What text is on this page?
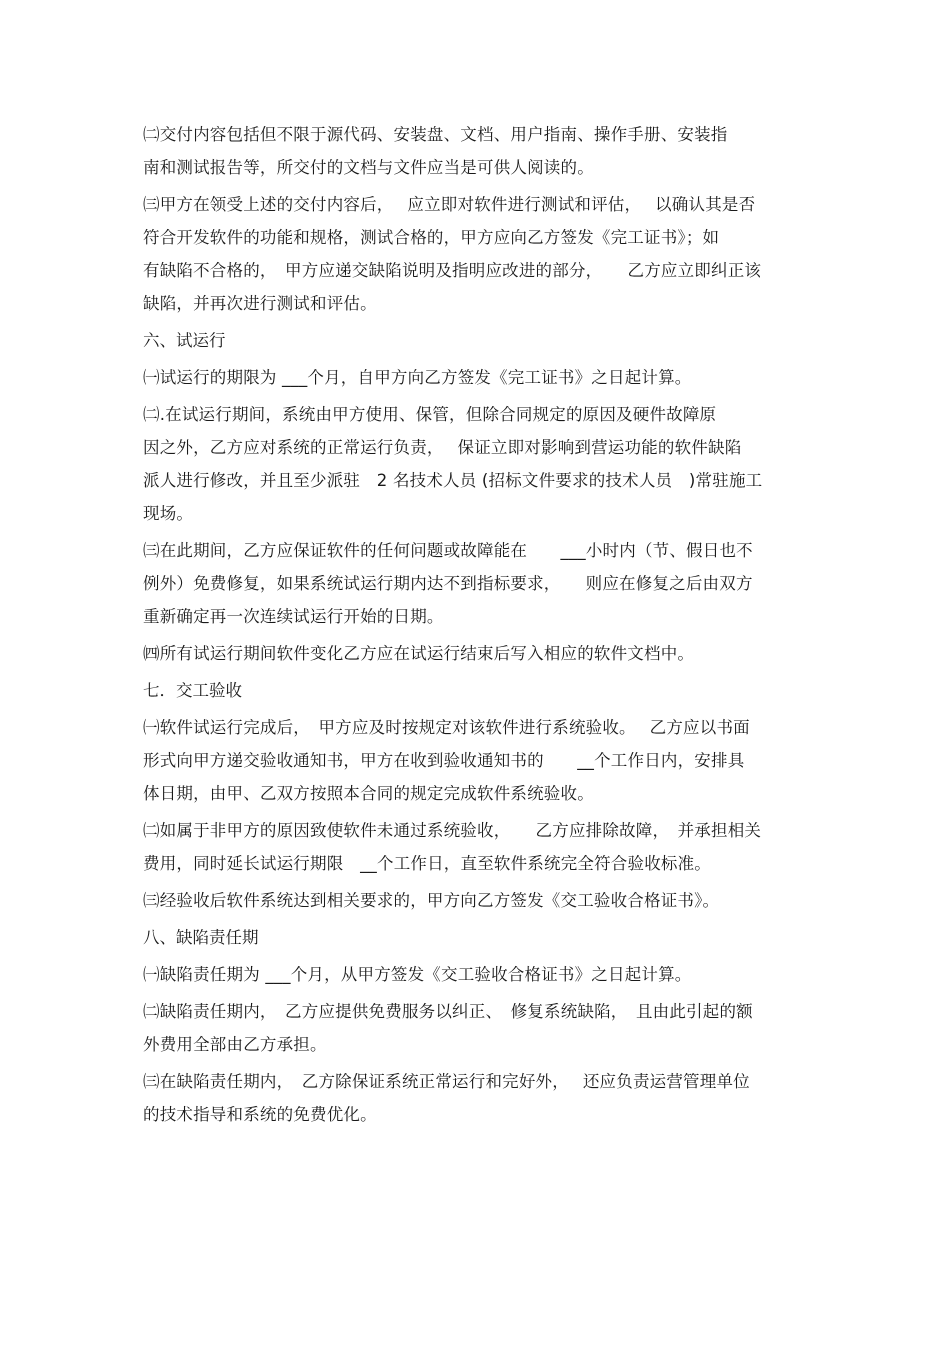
㈡交付内容包括但不限于源代码、安装盘、文档、用户指南、操作手册、安装指
南和测试报告等，所交付的文档与文件应当是可供人阅读的。
㈢甲方在领受上述的交付内容后，　 应立即对软件进行测试和评估，　 以确认其是否
符合开发软件的功能和规格，测试合格的，甲方应向乙方签发《完工证书》；如
有缺陷不合格的，　甲方应递交缺陷说明及指明应改进的部分，　　乙方应立即纠正该
缺陷，并再次进行测试和评估。
六、试运行
㈠试运行的期限为 ___个月，自甲方向乙方签发《完工证书》之日起计算。
㈡.在试运行期间，系统由甲方使用、保管，但除合同规定的原因及硬件故障原
因之外，乙方应对系统的正常运行负责，　 保证立即对影响到营运功能的软件缺陷
派人进行修改，并且至少派驻　2 名技术人员 (招标文件要求的技术人员　)常驻施工
现场。
㈢在此期间，乙方应保证软件的任何问题或故障能在　　___小时内（节、假日也不
例外）免费修复，如果系统试运行期内达不到指标要求，　　则应在修复之后由双方
重新确定再一次连续试运行开始的日期。
㈣所有试运行期间软件变化乙方应在试运行结束后写入相应的软件文档中。
七．交工验收
㈠软件试运行完成后，　甲方应及时按规定对该软件进行系统验收。　 乙方应以书面
形式向甲方递交验收通知书，甲方在收到验收通知书的　　__个工作日内，安排具
体日期，由甲、乙双方按照本合同的规定完成软件系统验收。
㈡如属于非甲方的原因致使软件未通过系统验收，　　乙方应排除故障，　并承担相关
费用，同时延长试运行期限　__个工作日，直至软件系统完全符合验收标准。
㈢经验收后软件系统达到相关要求的，甲方向乙方签发《交工验收合格证书》。
八、缺陷责任期
㈠缺陷责任期为 ___个月，从甲方签发《交工验收合格证书》之日起计算。
㈡缺陷责任期内，　乙方应提供免费服务以纠正、　修复系统缺陷，　且由此引起的额
外费用全部由乙方承担。
㈢在缺陷责任期内，　乙方除保证系统正常运行和完好外，　 还应负责运营管理单位
的技术指导和系统的免费优化。
